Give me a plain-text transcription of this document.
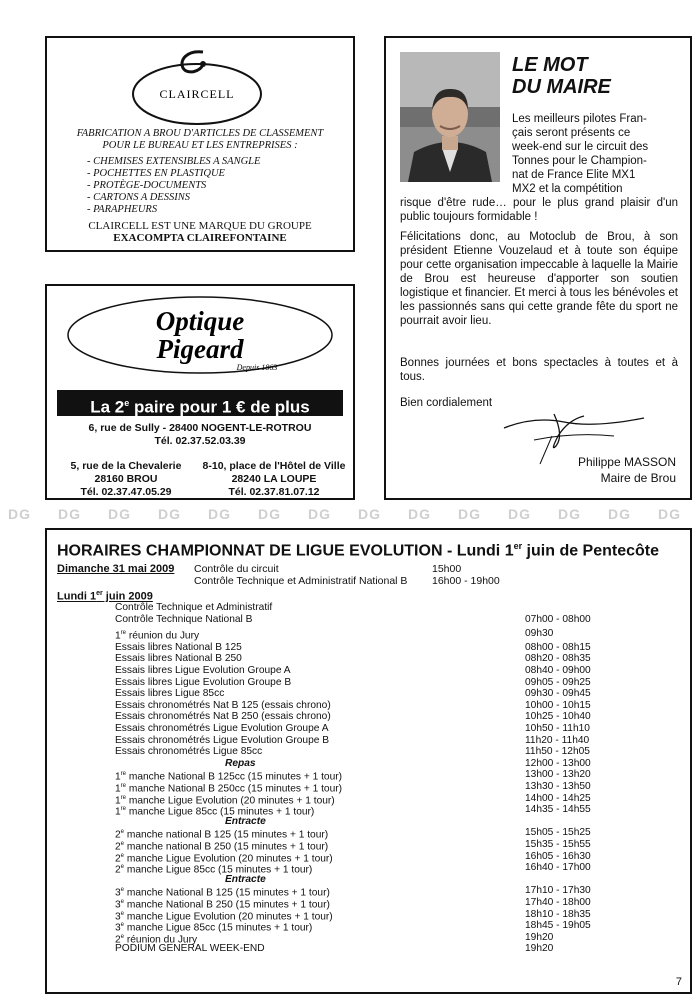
CLAIRCELL
FABRICATION A BROU D'ARTICLES DE CLASSEMENT POUR LE BUREAU ET LES ENTREPRISES :
- CHEMISES EXTENSIBLES A SANGLE
- POCHETTES EN PLASTIQUE
- PROTÈGE-DOCUMENTS
- CARTONS A DESSINS
- PARAPHEURS
CLAIRCELL EST UNE MARQUE DU GROUPE
EXACOMPTA CLAIREFONTAINE
Optique
Pigeard
Depuis 1863
La 2e paire pour 1 € de plus
6, rue de Sully - 28400 NOGENT-LE-ROTROU
Tél. 02.37.52.03.39
5, rue de la Chevalerie
28160 BROU
Tél. 02.37.47.05.29
8-10, place de l'Hôtel de Ville
28240 LA LOUPE
Tél. 02.37.81.07.12
LE MOT
DU MAIRE
Les meilleurs pilotes Fran-
çais seront présents ce
week-end sur le circuit des
Tonnes pour le Champion-
nat de France Elite MX1
MX2 et la compétition
risque d'être rude… pour le plus grand plaisir d'un public toujours formidable !
Félicitations donc, au Motoclub de Brou, à son président Etienne Vouzelaud et à toute son équipe pour cette organisation impeccable à laquelle la Mairie de Brou est heureuse d'apporter son soutien logistique et financier. Et merci à tous les bénévoles et les passionnés sans qui cette grande fête du sport ne pourrait avoir lieu.
Bonnes journées et bons spectacles à toutes et à tous.
Bien cordialement
Philippe MASSON
Maire de Brou
DG DG DG DG DG DG DG DG DG DG DG DG DG DG
HORAIRES CHAMPIONNAT DE LIGUE EVOLUTION - Lundi 1er juin de Pentecôte
Dimanche 31 mai 2009 Contrôle du circuit	15h00
Contrôle Technique et Administratif National B 16h00 - 19h00
Lundi 1er juin 2009
Contrôle Technique et Administratif
Contrôle Technique National B	07h00 - 08h00
1re réunion du Jury	09h30
Essais libres National B 125	08h00 - 08h15
Essais libres National B 250	08h20 - 08h35
Essais libres Ligue Evolution Groupe A	08h40 - 09h00
Essais libres Ligue Evolution Groupe B	09h05 - 09h25
Essais libres Ligue 85cc	09h30 - 09h45
Essais chronométrés Nat B 125 (essais chrono)	10h00 - 10h15
Essais chronométrés Nat B 250 (essais chrono)	10h25 - 10h40
Essais chronométrés Ligue Evolution Groupe A	10h50 - 11h10
Essais chronométrés Ligue Evolution Groupe B	11h20 - 11h40
Essais chronométrés Ligue 85cc	11h50 - 12h05
Repas	12h00 - 13h00
1re manche National B 125cc (15 minutes + 1 tour)	13h00 - 13h20
1re manche National B 250cc (15 minutes + 1 tour)	13h30 - 13h50
1re manche Ligue Evolution (20 minutes + 1 tour)	14h00 - 14h25
1re manche Ligue 85cc (15 minutes + 1 tour)	14h35 - 14h55
Entracte
2e manche national B 125 (15 minutes + 1 tour)	15h05 - 15h25
2e manche national B 250 (15 minutes + 1 tour)	15h35 - 15h55
2e manche Ligue Evolution (20 minutes + 1 tour)	16h05 - 16h30
2e manche Ligue 85cc (15 minutes + 1 tour)	16h40 - 17h00
Entracte
3e manche National B 125 (15 minutes + 1 tour)	17h10 - 17h30
3e manche National B 250 (15 minutes + 1 tour)	17h40 - 18h00
3e manche Ligue Evolution (20 minutes + 1 tour)	18h10 - 18h35
3e manche Ligue 85cc (15 minutes + 1 tour)	18h45 - 19h05
2e réunion du Jury	19h20
PODIUM GENERAL WEEK-END	19h20
7
